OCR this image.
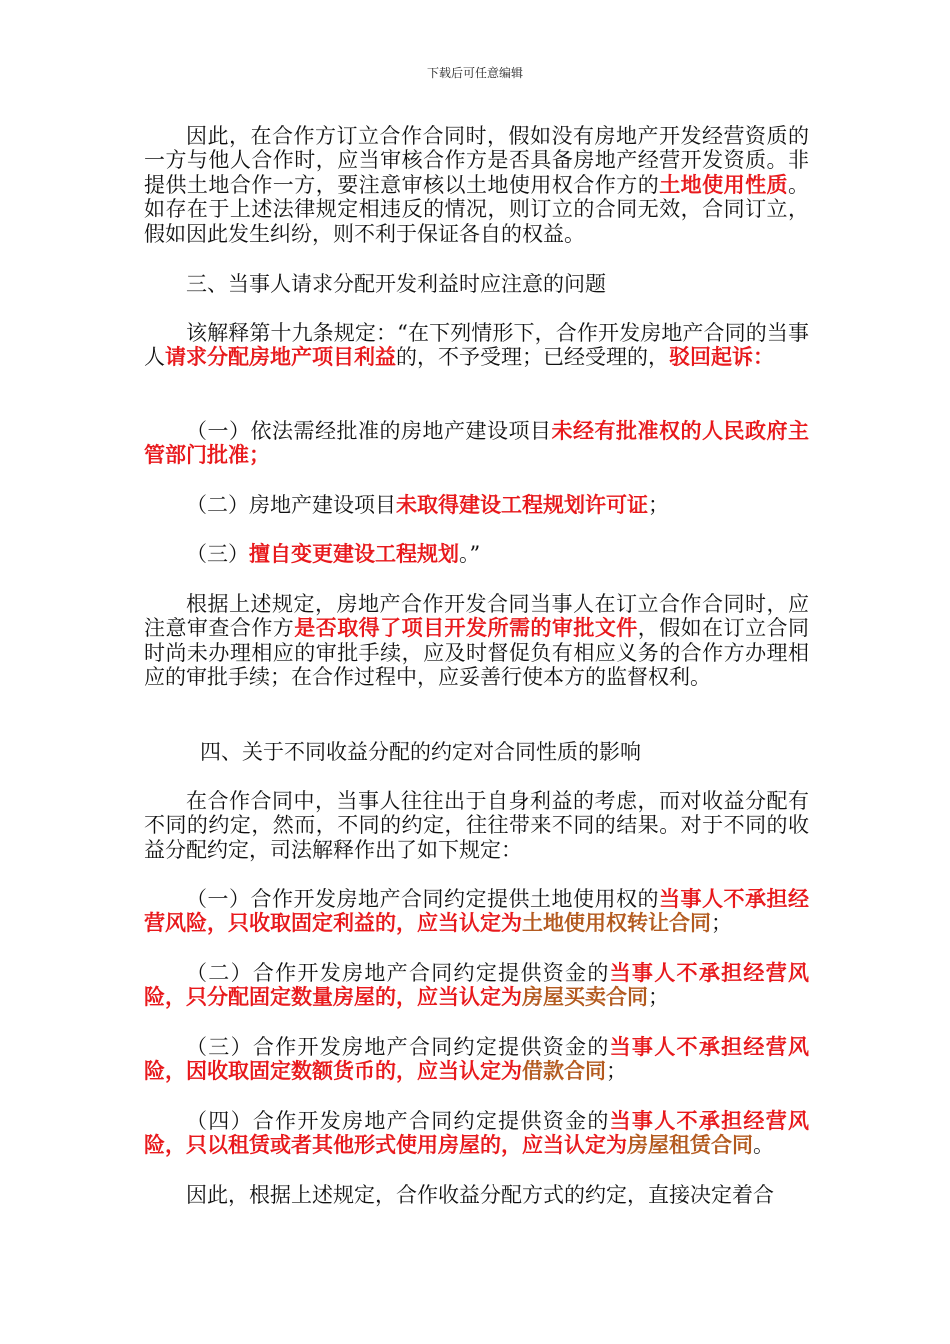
下载后可任意编辑

因此，在合作方订立合作合同时，假如没有房地产开发经营资质的一方与他人合作时，应当审核合作方是否具备房地产经营开发资质。非提供土地合作一方，要注意审核以土地使用权合作方的土地使用性质。如存在于上述法律规定相违反的情况，则订立的合同无效，合同订立，假如因此发生纠纷，则不利于保证各自的权益。

三、当事人请求分配开发利益时应注意的问题

该解释第十九条规定：“在下列情形下，合作开发房地产合同的当事人请求分配房地产项目利益的，不予受理；已经受理的，驳回起诉：

（一）依法需经批准的房地产建设项目未经有批准权的人民政府主管部门批准；

（二）房地产建设项目未取得建设工程规划许可证；

（三）擅自变更建设工程规划。”

根据上述规定，房地产合作开发合同当事人在订立合作合同时，应注意审查合作方是否取得了项目开发所需的审批文件，假如在订立合同时尚未办理相应的审批手续，应及时督促负有相应义务的合作方办理相应的审批手续；在合作过程中，应妥善行使本方的监督权利。

四、关于不同收益分配的约定对合同性质的影响

在合作合同中，当事人往往出于自身利益的考虑，而对收益分配有不同的约定，然而，不同的约定，往往带来不同的结果。对于不同的收益分配约定，司法解释作出了如下规定：

（一）合作开发房地产合同约定提供土地使用权的当事人不承担经营风险，只收取固定利益的，应当认定为土地使用权转让合同；

（二）合作开发房地产合同约定提供资金的当事人不承担经营风险，只分配固定数量房屋的，应当认定为房屋买卖合同；

（三）合作开发房地产合同约定提供资金的当事人不承担经营风险，因收取固定数额货币的，应当认定为借款合同；

（四）合作开发房地产合同约定提供资金的当事人不承担经营风险，只以租赁或者其他形式使用房屋的，应当认定为房屋租赁合同。

因此，根据上述规定，合作收益分配方式的约定，直接决定着合
